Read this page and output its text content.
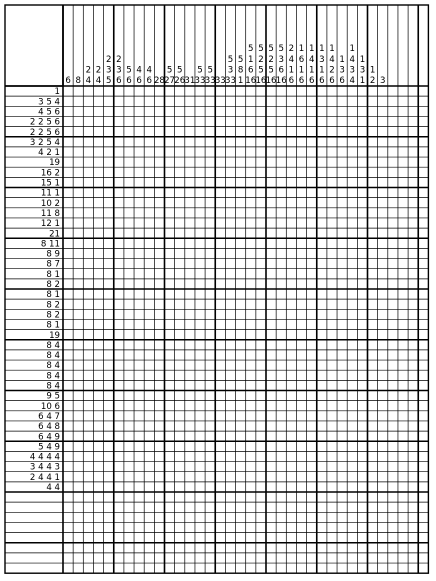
6 8
2
4
2
4
2
3
5
2
3
6
5
6
4
6
4
6 28
5
27
5
26 31
5
33
5
33 33
5
3
33
5
8
1
5
1
6
16
5
2
5
16
5
2
5
16
5
3
6
16
2
4
1
6
1
6
1
6
1
4
1
6
1
3
1
6
1
4
2
6
1
3
6
1
4
3
4
1
3
1
1
2 3
1
3 5 4
4 5 6
2 2 5 6
2 2 5 6
3 2 5 4
4 2 1
19
16 2
15 1
11 1
10 2
11 8
12 1
21
8 11
8 9
8 7
8 1
8 2
8 1
8 2
8 2
8 1
19
8 4
8 4
8 4
8 4
8 4
9 5
10 6
6 4 7
6 4 8
6 4 9
5 4 9
4 4 4 4
3 4 4 3
2 4 4 1
4 4
